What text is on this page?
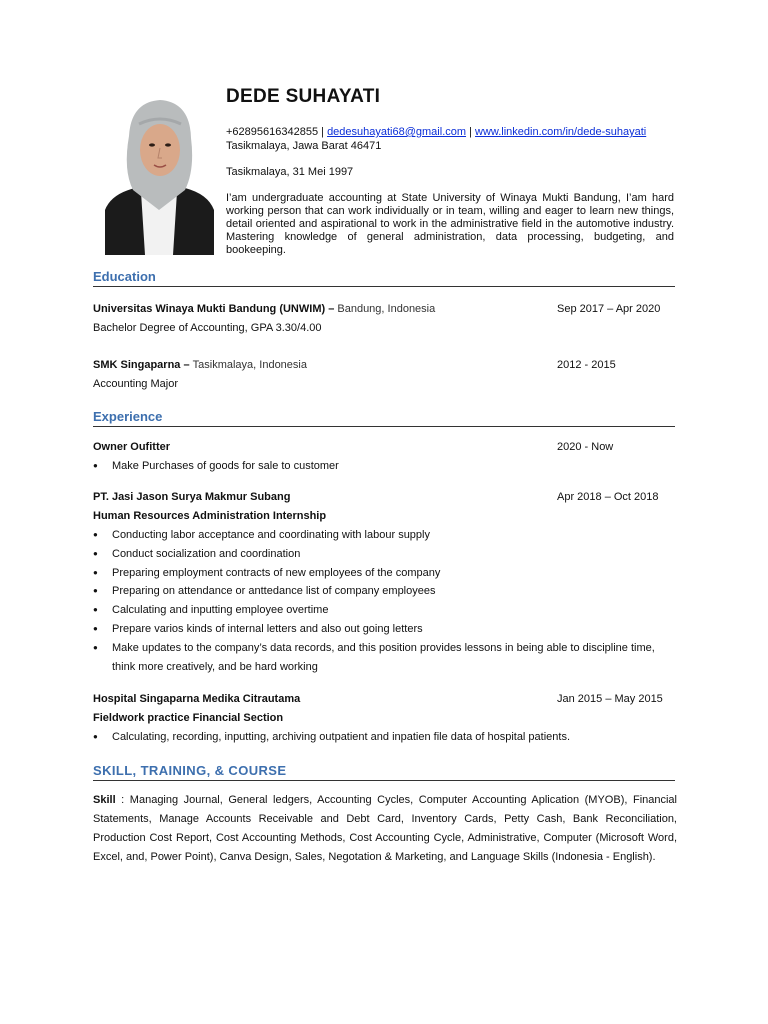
DEDE SUHAYATI
+62895616342855 | dedesuhayati68@gmail.com | www.linkedin.com/in/dede-suhayati
Tasikmalaya, Jawa Barat 46471
Tasikmalaya, 31 Mei 1997

I’am undergraduate accounting at State University of Winaya Mukti Bandung, I’am hard working person that can work individually or in team, willing and eager to learn new things, detail oriented and aspirational to work in the administrative field in the automotive industry. Mastering knowledge of general administration, data processing, budgeting, and bookeeping.

Education
Universitas Winaya Mukti Bandung (UNWIM) – Bandung, Indonesia	Sep 2017 – Apr 2020
Bachelor Degree of Accounting, GPA 3.30/4.00
SMK Singaparna – Tasikmalaya, Indonesia	2012 - 2015
Accounting Major
Experience
Owner Oufitter	2020 - Now
● Make Purchases of goods for sale to customer
PT. Jasi Jason Surya Makmur Subang	Apr 2018 – Oct 2018
Human Resources Administration Internship
● Conducting labor acceptance and coordinating with labour supply
● Conduct socialization and coordination
● Preparing employment contracts of new employees of the company
● Preparing on attendance or anttedance list of company employees
● Calculating and inputting employee overtime
● Prepare varios kinds of internal letters and also out going letters
● Make updates to the company’s data records, and this position provides lessons in being able to discipline time, think more creatively, and be hard working
Hospital Singaparna Medika Citrautama	Jan 2015 – May 2015
Fieldwork practice Financial Section
● Calculating, recording, inputting, archiving outpatient and inpatien file data of hospital patients.
SKILL, TRAINING, & COURSE

Skill : Managing Journal, General ledgers, Accounting Cycles, Computer Accounting Aplication (MYOB), Financial Statements, Manage Accounts Receivable and Debt Card, Inventory Cards, Petty Cash, Bank Reconciliation, Production Cost Report, Cost Accounting Methods, Cost Accounting Cycle, Administrative, Computer (Microsoft Word, Excel, and, Power Point), Canva Design, Sales, Negotation & Marketing, and Language Skills (Indonesia - English).
